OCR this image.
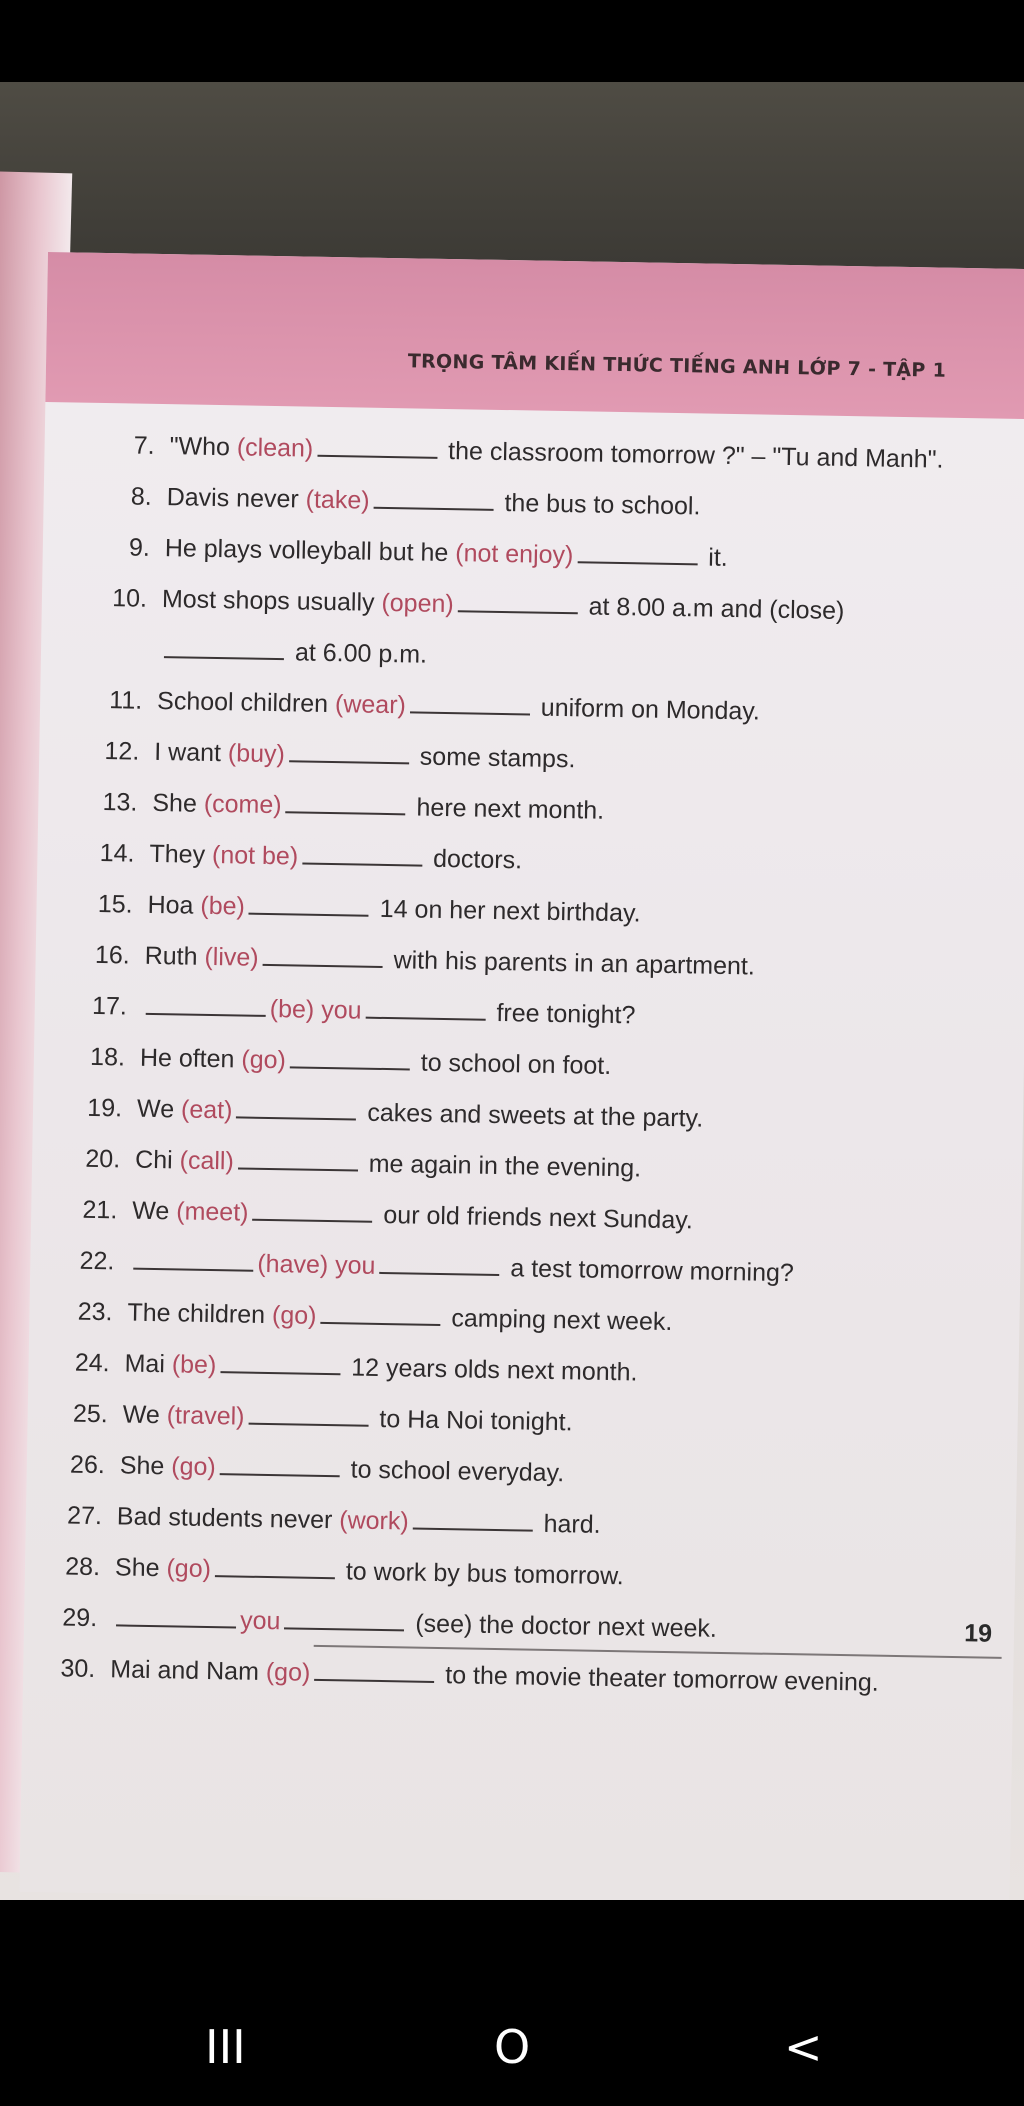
TRỌNG TÂM KIẾN THỨC TIẾNG ANH LỚP 7 - TẬP 1
7. "Who (clean)	the classroom tomorrow ?" – "Tu and Manh".
8. Davis never (take)	the bus to school.
9. He plays volleyball but he (not enjoy)	it.
10. Most shops usually (open)	at 8.00 a.m and (close)
at 6.00 p.m.
11. School children (wear)	uniform on Monday.
12. I want (buy)	some stamps.
13. She (come)	here next month.
14. They (not be)	doctors.
15. Hoa (be)	14 on her next birthday.
16. Ruth (live)	with his parents in an apartment.
17.	(be) you	free tonight?
18. He often (go)	to school on foot.
19. We (eat)	cakes and sweets at the party.
20. Chi (call)	me again in the evening.
21. We (meet)	our old friends next Sunday.
22.	(have) you	a test tomorrow morning?
23. The children (go)	camping next week.
24. Mai (be)	12 years olds next month.
25. We (travel)	to Ha Noi tonight.
26. She (go)	to school everyday.
27. Bad students never (work)	hard.
28. She (go)	to work by bus tomorrow.
29.	you	(see) the doctor next week.
30. Mai and Nam (go)	to the movie theater tomorrow evening.
19
III	O	<
